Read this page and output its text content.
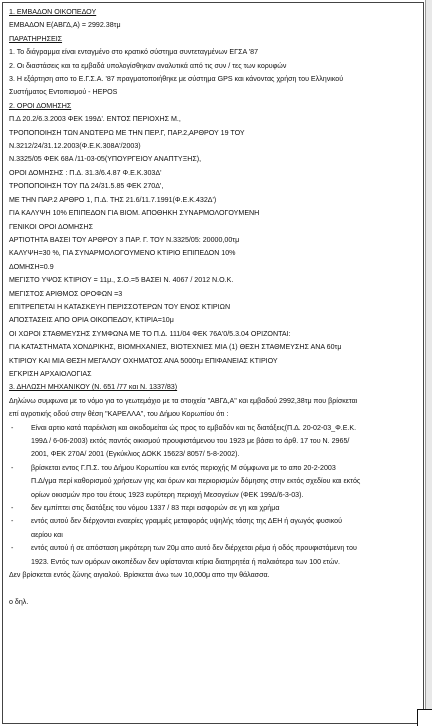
1. ΕΜΒΑΔΟΝ ΟΙΚΟΠΕΔΟΥ
ΕΜΒΑΔΟΝ Ε(ΑΒΓΔ,Α) = 2992.38τμ
ΠΑΡΑΤΗΡΗΣΕΙΣ
1. Το διάγραμμα είναι ενταγμένο στο κρατικό σύστημα συντεταγμένων ΕΓΣΑ '87
2. Οι διαστάσεις και τα εμβαδά υπολογίσθηκαν αναλυτικά από τις συν / τες των κορυφών
3. Η εξάρτηση απο το Ε.Γ.Σ.Α. '87 πραγματοποιήθηκε με σύστημα GPS και κάνοντας χρήση του Ελληνικού
Συστήματος Εντοπισμού - HEPOS
2. ΟΡΟΙ ΔΟΜΗΣΗΣ
Π.Δ 20.2/6.3.2003 ΦΕΚ 199Δ'. ΕΝΤΟΣ ΠΕΡΙΟΧΗΣ Μ.,
ΤΡΟΠΟΠΟΙΗΣΗ ΤΩΝ ΑΝΩΤΕΡΩ ΜΕ ΤΗΝ ΠΕΡ.Γ, ΠΑΡ.2,ΑΡΘΡΟΥ 19 ΤΟΥ
Ν.3212/24/31.12.2003(Φ.Ε.Κ.308Α'/2003)
Ν.3325/05 ΦΕΚ 68Α /11-03-05(ΥΠΟΥΡΓΕΙΟΥ ΑΝΑΠΤΥΞΗΣ),
ΟΡΟΙ ΔΟΜΗΣΗΣ : Π.Δ. 31.3/6.4.87 Φ.Ε.Κ.303Δ'
ΤΡΟΠΟΠΟΙΗΣΗ ΤΟΥ ΠΔ 24/31.5.85 ΦΕΚ 270Δ',
ΜΕ ΤΗΝ ΠΑΡ.2 ΑΡΘΡΟ 1, Π.Δ. ΤΗΣ 21.6/11.7.1991(Φ.Ε.Κ.432Δ')
ΓΙΑ ΚΑΛΥΨΗ 10% ΕΠΙΠΕΔΟΝ ΓΙΑ ΒΙΟΜ. ΑΠΟΘΗΚΗ ΣΥΝΑΡΜΟΛΟΓΟΥΜΕΝΗ
ΓΕΝΙΚΟΙ ΟΡΟΙ ΔΟΜΗΣΗΣ
ΑΡΤΙΟΤΗΤΑ ΒΑΣΕΙ ΤΟΥ ΑΡΘΡΟΥ 3 ΠΑΡ. Γ. ΤΟΥ Ν.3325/05: 20000,00τμ
ΚΑΛΥΨΗ=30 %, ΓΙΑ ΣΥΝΑΡΜΟΛΟΓΟΥΜΕΝΟ ΚΤΙΡΙΟ ΕΠΙΠΕΔΟΝ 10%
ΔΟΜΗΣΗ=0.9
ΜΕΓΙΣΤΟ ΥΨΟΣ ΚΤΙΡΙΟΥ = 11μ., Σ.Ο.=5 ΒΑΣΕΙ Ν. 4067 / 2012 Ν.Ο.Κ.
ΜΕΓΙΣΤΟΣ ΑΡΙΘΜΟΣ ΟΡΟΦΩΝ =3
ΕΠΙΤΡΕΠΕΤΑΙ Η ΚΑΤΑΣΚΕΥΗ ΠΕΡΙΣΣΟΤΕΡΩΝ ΤΟΥ ΕΝΟΣ ΚΤΙΡΙΩΝ
ΑΠΟΣΤΑΣΕΙΣ ΑΠΟ ΟΡΙΑ ΟΙΚΟΠΕΔΟΥ, ΚΤΙΡΙΑ=10μ
ΟΙ ΧΩΡΟΙ ΣΤΑΘΜΕΥΣΗΣ ΣΥΜΦΩΝΑ ΜΕ ΤΟ Π.Δ. 111/04 ΦΕΚ 76Α'0/5.3.04 ΟΡΙΖΟΝΤΑΙ:
ΓΙΑ ΚΑΤΑΣΤΗΜΑΤΑ ΧΟΝΔΡΙΚΗΣ, ΒΙΟΜΗΧΑΝΙΕΣ, ΒΙΟΤΕΧΝΙΕΣ ΜΙΑ (1) ΘΕΣΗ ΣΤΑΘΜΕΥΣΗΣ ΑΝΑ 60τμ
ΚΤΙΡΙΟΥ ΚΑΙ ΜΙΑ ΘΕΣΗ ΜΕΓΑΛΟΥ ΟΧΗΜΑΤΟΣ ΑΝΑ 5000τμ ΕΠΙΦΑΝΕΙΑΣ ΚΤΙΡΙΟΥ
ΕΓΚΡΙΣΗ ΑΡΧΑΙΟΛΟΓΙΑΣ
3. ΔΗΛΩΣΗ ΜΗΧΑΝΙΚΟΥ (Ν. 651 /77 και Ν. 1337/83)
Δηλώνω συμφωνα με το νόμο για το γεωτεμάχιο με τα στοιχεία "ΑΒΓΔ,Α" και εμβαδού 2992,38τμ που βρίσκεται
επί αγροτικής οδού στην θέση "ΚΑΡΕΛΛΑ", του Δήμου Κορωπίου ότι :
- Είναι αρτιο κατά παρέκλιση και οικοδομείται ώς προς το εμβαδόν και τις διατάξεις(Π.Δ. 20-02-03_Φ.Ε.Κ.
199Δ / 6-06-2003) εκτός παντός οικισμού προυφιστάμενου του 1923 με βάσει το άρθ. 17 του Ν. 2965/
2001, ΦΕΚ 270Α/ 2001 (Εγκύκλιος ΔΟΚΚ 15623/ 8057/ 5-8-2002).
- βρίσκεται εντος Γ.Π.Σ. του Δήμου Κορωπίου και εντός περιοχής Μ σύμφωνα με το απο 20-2-2003
Π.Δ/γμα περί καθορισμού χρήσεων γης και όρων και περιορισμών δόμησης στην εκτός σχεδίου και εκτός
ορίων οικισμών προ του έτους 1923 ευρύτερη περιοχή Μεσογείων (ΦΕΚ 199Δ/6-3-03).
- δεν εμπίπτει στις διατάξεις του νόμου 1337 / 83 περι εισφορών σε γη και χρήμα
- εντός αυτού δεν διέρχονται εναερίες γραμμές μεταφοράς υψηλής τάσης της ΔΕΗ ή αγωγός φυσικού
αερίου και
- εντός αυτού ή σε απόσταση μικρότερη των 20μ απο αυτό δεν διέρχεται ρέμα ή οδός προυφιστάμενη του
1923. Εντός των ομόρων οικοπέδων δεν υφίστανται κτίρια διατηρητέα ή παλαιότερα των 100 ετών.
Δεν βρίσκεται εντός ζώνης αιγιαλού. Βρίσκεται άνω των 10,000μ απο την θάλασσα.
ο δηλ.
